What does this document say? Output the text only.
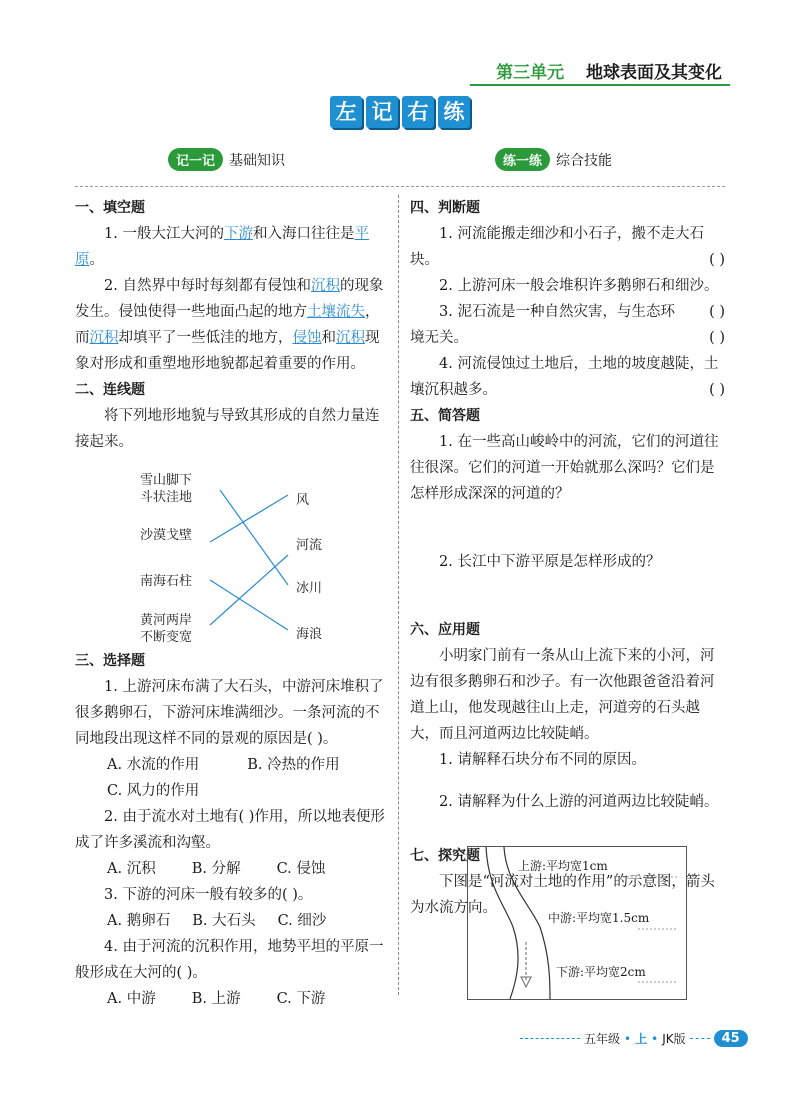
第三单元 地球表面及其变化
左 记 右 练
记一记	基础知识	练一练	综合技能

一、填空题

1. 一般大江大河的下游和入海口往往是平原。

2. 自然界中每时每刻都有侵蚀和沉积的现象发生。侵蚀使得一些地面凸起的地方土壤流失，而沉积却填平了一些低洼的地方，侵蚀和沉积现象对形成和重塑地形地貌都起着重要的作用。

二、连线题

将下列地形地貌与导致其形成的自然力量连接起来。

雪山脚下
斗状洼地
沙漠戈壁
南海石柱
黄河两岸
不断变宽
风
河流
冰川
海浪

三、选择题

1. 上游河床布满了大石头，中游河床堆积了很多鹅卵石，下游河床堆满细沙。一条河流的不同地段出现这样不同的景观的原因是( )。

A. 水流的作用	B. 冷热的作用

C. 风力的作用

2. 由于流水对土地有( )作用，所以地表便形成了许多溪流和沟壑。

A. 沉积 B. 分解 C. 侵蚀

3. 下游的河床一般有较多的( )。

A. 鹅卵石 B. 大石头 C. 细沙

4. 由于河流的沉积作用，地势平坦的平原一般形成在大河的( )。

A. 中游 B. 上游 C. 下游

四、判断题

1. 河流能搬走细沙和小石子，搬不走大石块。	( )

2. 上游河床一般会堆积许多鹅卵石和细沙。
( )

3. 泥石流是一种自然灾害，与生态环境无关。	( )

4. 河流侵蚀过土地后，土地的坡度越陡，土壤沉积越多。	( )

五、简答题

1. 在一些高山峻岭中的河流，它们的河道往往很深。它们的河道一开始就那么深吗？它们是怎样形成深深的河道的？

2. 长江中下游平原是怎样形成的？

六、应用题

小明家门前有一条从山上流下来的小河，河边有很多鹅卵石和沙子。有一次他跟爸爸沿着河道上山，他发现越往山上走，河道旁的石头越大，而且河道两边比较陡峭。

1. 请解释石块分布不同的原因。

2. 请解释为什么上游的河道两边比较陡峭。

七、探究题

下图是“河流对土地的作用”的示意图，箭头为水流方向。

上游:平均宽1cm
中游:平均宽1.5cm
下游:平均宽2cm
五年级 • 上 • JK版	45
